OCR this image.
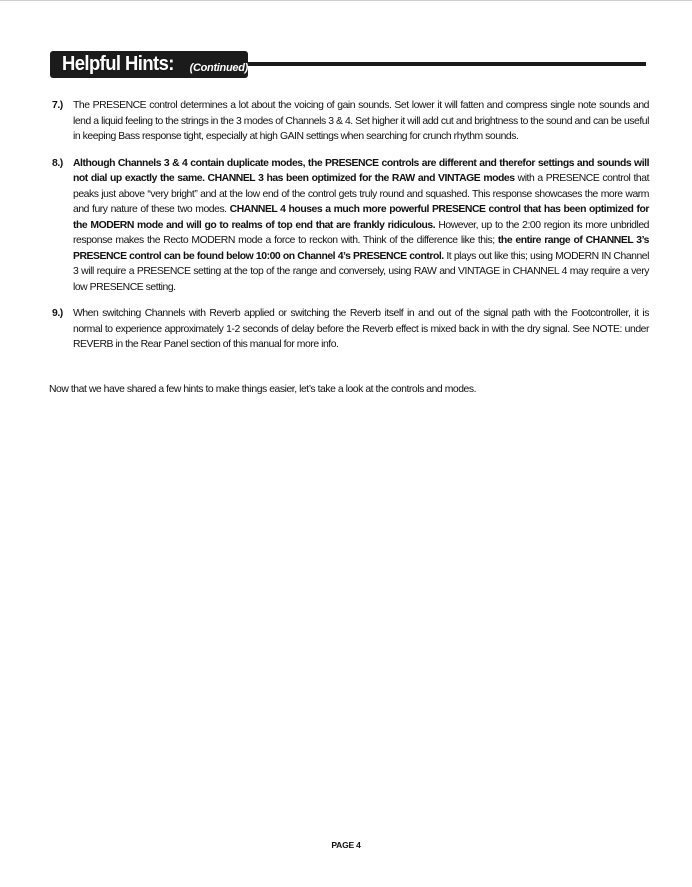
Helpful Hints: (Continued)
7.) The PRESENCE control determines a lot about the voicing of gain sounds. Set lower it will fatten and compress single note sounds and lend a liquid feeling to the strings in the 3 modes of Channels 3 & 4. Set higher it will add cut and brightness to the sound and can be useful in keeping Bass response tight, especially at high GAIN settings when searching for crunch rhythm sounds.
8.) Although Channels 3 & 4 contain duplicate modes, the PRESENCE controls are different and therefor settings and sounds will not dial up exactly the same. CHANNEL 3 has been optimized for the RAW and VINTAGE modes with a PRESENCE control that peaks just above “very bright” and at the low end of the control gets truly round and squashed. This response showcases the more warm and fury nature of these two modes. CHANNEL 4 houses a much more powerful PRESENCE control that has been optimized for the MODERN mode and will go to realms of top end that are frankly ridiculous. However, up to the 2:00 region its more unbridled response makes the Recto MODERN mode a force to reckon with. Think of the difference like this; the entire range of CHANNEL 3’s PRESENCE control can be found below 10:00 on Channel 4’s PRESENCE control. It plays out like this; using MODERN IN Channel 3 will require a PRESENCE setting at the top of the range and conversely, using RAW and VINTAGE in CHANNEL 4 may require a very low PRESENCE setting.
9.) When switching Channels with Reverb applied or switching the Reverb itself in and out of the signal path with the Footcontroller, it is normal to experience approximately 1-2 seconds of delay before the Reverb effect is mixed back in with the dry signal. See NOTE: under REVERB in the Rear Panel section of this manual for more info.

Now that we have shared a few hints to make things easier, let’s take a look at the controls and modes.

PAGE 4
